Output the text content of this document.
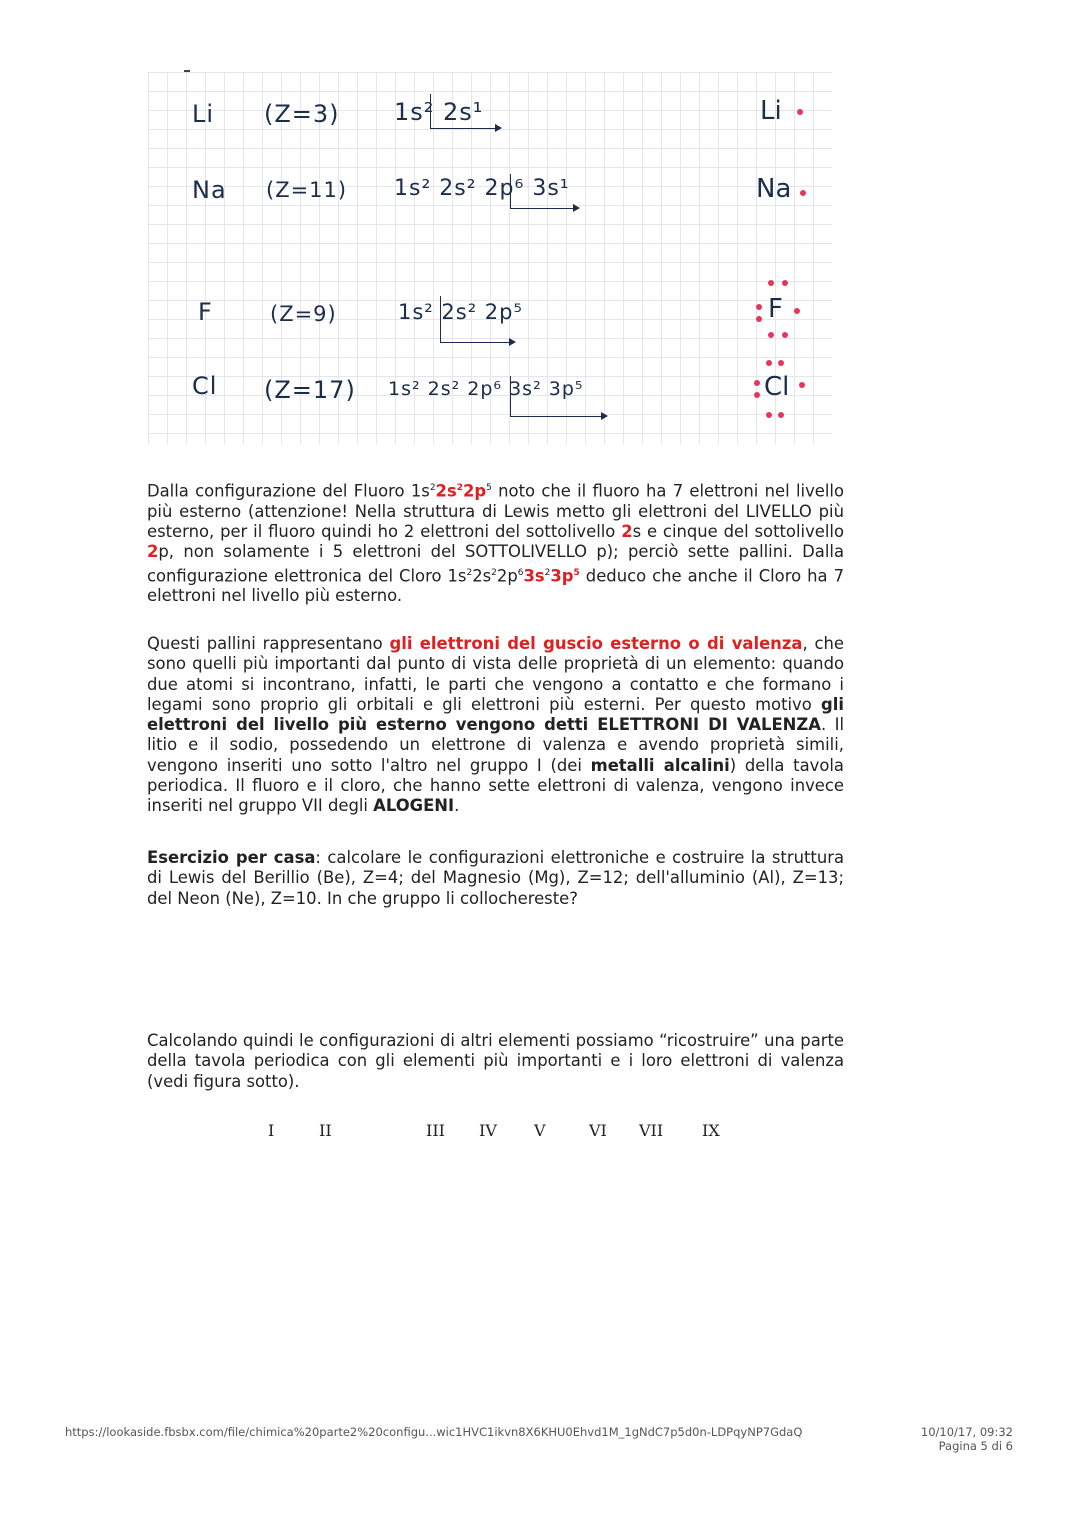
Li (Z=3) 1s² 2s¹	Li
Na (Z=11) 1s² 2s² 2p⁶ 3s¹	Na
F	(Z=9)	1s² 2s² 2p⁵	F
Cl (Z=17) 1s² 2s² 2p⁶ 3s² 3p⁵	Cl
Dalla configurazione del Fluoro $1s^22s^22p^5$ noto che il fluoro ha 7 elettroni nel livello più esterno (attenzione! Nella struttura di Lewis metto gli elettroni del LIVELLO più esterno, per il fluoro quindi ho 2 elettroni del sottolivello 2s e cinque del sottolivello 2p, non solamente i 5 elettroni del SOTTOLIVELLO p); perciò sette pallini. Dalla configurazione elettronica del Cloro $1s^22s^22p^63s^23p^5$ deduco che anche il Cloro ha 7 elettroni nel livello più esterno.
Questi pallini rappresentano gli elettroni del guscio esterno o di valenza, che sono quelli più importanti dal punto di vista delle proprietà di un elemento: quando due atomi si incontrano, infatti, le parti che vengono a contatto e che formano i legami sono proprio gli orbitali e gli elettroni più esterni. Per questo motivo gli elettroni del livello più esterno vengono detti ELETTRONI DI VALENZA. Il litio e il sodio, possedendo un elettrone di valenza e avendo proprietà simili, vengono inseriti uno sotto l'altro nel gruppo I (dei metalli alcalini) della tavola periodica. Il fluoro e il cloro, che hanno sette elettroni di valenza, vengono invece inseriti nel gruppo VII degli ALOGENI.
Esercizio per casa: calcolare le configurazioni elettroniche e costruire la struttura di Lewis del Berillio (Be), Z=4; del Magnesio (Mg), Z=12; dell'alluminio (Al), Z=13; del Neon (Ne), Z=10. In che gruppo li collochereste?
Calcolando quindi le configurazioni di altri elementi possiamo “ricostruire” una parte della tavola periodica con gli elementi più importanti e i loro elettroni di valenza (vedi figura sotto).
I	II	III IV V	VI VII IX
https://lookaside.fbsbx.com/file/chimica%20parte2%20configu...wic1HVC1ikvn8X6KHU0Ehvd1M_1gNdC7p5d0n-LDPqyNP7GdaQ	10/10/17, 09:32
Pagina 5 di 6
